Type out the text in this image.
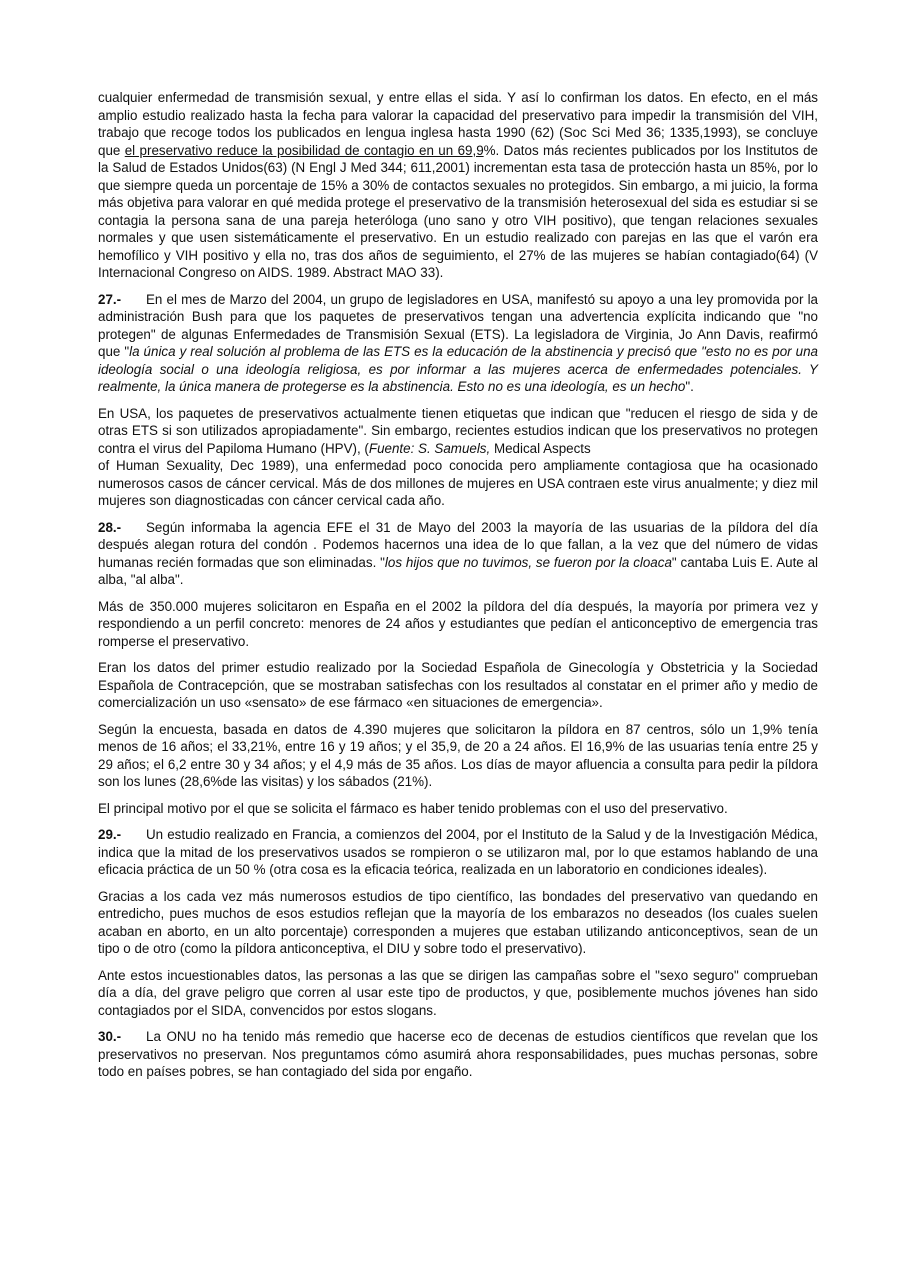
cualquier enfermedad de transmisión sexual, y entre ellas el sida. Y así lo confirman los datos. En efecto, en el más amplio estudio realizado hasta la fecha para valorar la capacidad del preservativo para impedir la transmisión del VIH, trabajo que recoge todos los publicados en lengua inglesa hasta 1990 (62) (Soc Sci Med 36; 1335,1993), se concluye que el preservativo reduce la posibilidad de contagio en un 69,9%. Datos más recientes publicados por los Institutos de la Salud de Estados Unidos(63) (N Engl J Med 344; 611,2001) incrementan esta tasa de protección hasta un 85%, por lo que siempre queda un porcentaje de 15% a 30% de contactos sexuales no protegidos. Sin embargo, a mi juicio, la forma más objetiva para valorar en qué medida protege el preservativo de la transmisión heterosexual del sida es estudiar si se contagia la persona sana de una pareja heteróloga (uno sano y otro VIH positivo), que tengan relaciones sexuales normales y que usen sistemáticamente el preservativo. En un estudio realizado con parejas en las que el varón era hemofílico y VIH positivo y ella no, tras dos años de seguimiento, el 27% de las mujeres se habían contagiado(64) (V Internacional Congreso on AIDS. 1989. Abstract MAO 33).

27.- En el mes de Marzo del 2004, un grupo de legisladores en USA, manifestó su apoyo a una ley promovida por la administración Bush para que los paquetes de preservativos tengan una advertencia explícita indicando que "no protegen" de algunas Enfermedades de Transmisión Sexual (ETS). La legisladora de Virginia, Jo Ann Davis, reafirmó que "la única y real solución al problema de las ETS es la educación de la abstinencia y precisó que "esto no es por una ideología social o una ideología religiosa, es por informar a las mujeres acerca de enfermedades potenciales. Y realmente, la única manera de protegerse es la abstinencia. Esto no es una ideología, es un hecho".

En USA, los paquetes de preservativos actualmente tienen etiquetas que indican que "reducen el riesgo de sida y de otras ETS si son utilizados apropiadamente". Sin embargo, recientes estudios indican que los preservativos no protegen contra el virus del Papiloma Humano (HPV), (Fuente: S. Samuels, Medical Aspects
of Human Sexuality, Dec 1989), una enfermedad poco conocida pero ampliamente contagiosa que ha ocasionado numerosos casos de cáncer cervical. Más de dos millones de mujeres en USA contraen este virus anualmente; y diez mil mujeres son diagnosticadas con cáncer cervical cada año.

28.- Según informaba la agencia EFE el 31 de Mayo del 2003 la mayoría de las usuarias de la píldora del día después alegan rotura del condón . Podemos hacernos una idea de lo que fallan, a la vez que del número de vidas humanas recién formadas que son eliminadas. "los hijos que no tuvimos, se fueron por la cloaca" cantaba Luis E. Aute al alba, "al alba".

Más de 350.000 mujeres solicitaron en España en el 2002 la píldora del día después, la mayoría por primera vez y respondiendo a un perfil concreto: menores de 24 años y estudiantes que pedían el anticonceptivo de emergencia tras romperse el preservativo.

Eran los datos del primer estudio realizado por la Sociedad Española de Ginecología y Obstetricia y la Sociedad Española de Contracepción, que se mostraban satisfechas con los resultados al constatar en el primer año y medio de comercialización un uso «sensato» de ese fármaco «en situaciones de emergencia».

Según la encuesta, basada en datos de 4.390 mujeres que solicitaron la píldora en 87 centros, sólo un 1,9% tenía menos de 16 años; el 33,21%, entre 16 y 19 años; y el 35,9, de 20 a 24 años. El 16,9% de las usuarias tenía entre 25 y 29 años; el 6,2 entre 30 y 34 años; y el 4,9 más de 35 años. Los días de mayor afluencia a consulta para pedir la píldora son los lunes (28,6%de las visitas) y los sábados (21%).

El principal motivo por el que se solicita el fármaco es haber tenido problemas con el uso del preservativo.

29.- Un estudio realizado en Francia, a comienzos del 2004, por el Instituto de la Salud y de la Investigación Médica, indica que la mitad de los preservativos usados se rompieron o se utilizaron mal, por lo que estamos hablando de una eficacia práctica de un 50 % (otra cosa es la eficacia teórica, realizada en un laboratorio en condiciones ideales).

Gracias a los cada vez más numerosos estudios de tipo científico, las bondades del preservativo van quedando en entredicho, pues muchos de esos estudios reflejan que la mayoría de los embarazos no deseados (los cuales suelen acaban en aborto, en un alto porcentaje) corresponden a mujeres que estaban utilizando anticonceptivos, sean de un tipo o de otro (como la píldora anticonceptiva, el DIU y sobre todo el preservativo).

Ante estos incuestionables datos, las personas a las que se dirigen las campañas sobre el "sexo seguro" comprueban día a día, del grave peligro que corren al usar este tipo de productos, y que, posiblemente muchos jóvenes han sido contagiados por el SIDA, convencidos por estos slogans.

30.- La ONU no ha tenido más remedio que hacerse eco de decenas de estudios científicos que revelan que los preservativos no preservan. Nos preguntamos cómo asumirá ahora responsabilidades, pues muchas personas, sobre todo en países pobres, se han contagiado del sida por engaño.
